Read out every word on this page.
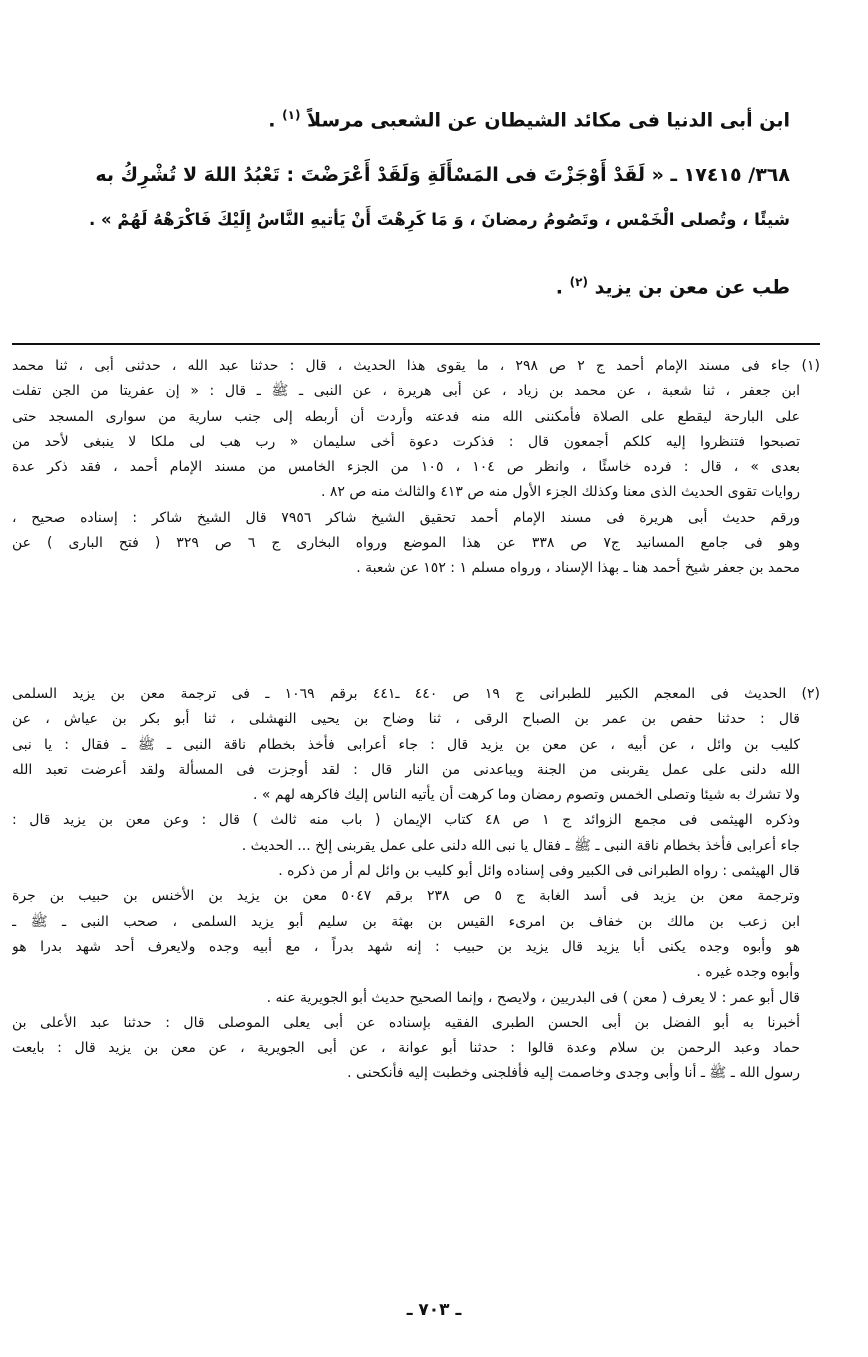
ابن أبى الدنيا فى مكائد الشيطان عن الشعبى مرسلاً $^{(١)}$ .
٣٦٨/ ١٧٤١٥ ـ « لَقَدْ أَوْجَزْتَ فى المَسْأَلَةِ وَلَقَدْ أَعْرَضْتَ : تَعْبُدُ اللهَ لا تُشْرِكُ به
شيئًا ، وتُصلى الْخَمْس ، وتَصُومُ رمضانَ ، وَ مَا كَرِهْتَ أَنْ يَأتيهِ النَّاسُ إِلَيْكَ فَاكْرَهْهُ لَهُمْ » .
طب عن معن بن يزيد $^{(٢)}$ .
(١) جاء فى مسند الإمام أحمد ج ٢ ص ٢٩٨ ، ما يقوى هذا الحديث ، قال : حدثنا عبد الله ، حدثنى أبى ، ثنا محمد
ابن جعفر ، ثنا شعبة ، عن محمد بن زياد ، عن أبى هريرة ، عن النبى ـ ﷺ ـ قال : « إن عفريتا من الجن تفلت
على البارحة ليقطع على الصلاة فأمكننى الله منه فدعته وأردت أن أربطه إلى جنب سارية من سوارى المسجد حتى
تصبحوا فتنظروا إليه كلكم أجمعون قال : فذكرت دعوة أخى سليمان « رب هب لى ملكا لا ينبغى لأحد من
بعدى » ، قال : فرده خاسئًا ، وانظر ص ١٠٤ ، ١٠٥ من الجزء الخامس من مسند الإمام أحمد ، فقد ذكر عدة
روايات تقوى الحديث الذى معنا وكذلك الجزء الأول منه ص ٤١٣ والثالث منه ص ٨٢ .
ورقم حديث أبى هريرة فى مسند الإمام أحمد تحقيق الشيخ شاكر ٧٩٥٦ قال الشيخ شاكر : إسناده صحيح ،
وهو فى جامع المسانيد ج٧ ص ٣٣٨ عن هذا الموضع ورواه البخارى ج ٦ ص ٣٢٩ ( فتح البارى ) عن
محمد بن جعفر شيخ أحمد هنا ـ بهذا الإسناد ، ورواه مسلم ١ : ١٥٢ عن شعبة .
(٢) الحديث فى المعجم الكبير للطبرانى ج ١٩ ص ٤٤٠ ـ٤٤١ برقم ١٠٦٩ ـ فى ترجمة معن بن يزيد السلمى
قال : حدثنا حفص بن عمر بن الصباح الرقى ، ثنا وضاح بن يحيى النهشلى ، ثنا أبو بكر بن عياش ، عن
كليب بن وائل ، عن أبيه ، عن معن بن يزيد قال : جاء أعرابى فأخذ بخطام ناقة النبى ـ ﷺ ـ فقال : يا نبى
الله دلنى على عمل يقربنى من الجنة ويباعدنى من النار قال : لقد أوجزت فى المسألة ولقد أعرضت تعبد الله
ولا تشرك به شيئا وتصلى الخمس وتصوم رمضان وما كرهت أن يأتيه الناس إليك فاكرهه لهم » .
وذكره الهيثمى فى مجمع الزوائد ج ١ ص ٤٨ كتاب الإيمان ( باب منه ثالث ) قال : وعن معن بن يزيد قال :
جاء أعرابى فأخذ بخطام ناقة النبى ـ ﷺ ـ فقال يا نبى الله دلنى على عمل يقربنى إلخ ... الحديث .
قال الهيثمى : رواه الطبرانى فى الكبير وفى إسناده وائل أبو كليب بن وائل لم أر من ذكره .
وترجمة معن بن يزيد فى أسد الغابة ج ٥ ص ٢٣٨ برقم ٥٠٤٧ معن بن يزيد بن الأخنس بن حبيب بن جرة
ابن زعب بن مالك بن خفاف بن امرىء القيس بن بهثة بن سليم أبو يزيد السلمى ، صحب النبى ـ ﷺ ـ
هو وأبوه وجده يكنى أبا يزيد قال يزيد بن حبيب : إنه شهد بدراً ، مع أبيه وجده ولايعرف أحد شهد بدرا هو
وأبوه وجده غيره .
قال أبو عمر : لا يعرف ( معن ) فى البدريين ، ولايصح ، وإنما الصحيح حديث أبو الجويرية عنه .
أخبرنا به أبو الفضل بن أبى الحسن الطبرى الفقيه بإسناده عن أبى يعلى الموصلى قال : حدثنا عبد الأعلى بن
حماد وعبد الرحمن بن سلام وعدة قالوا : حدثنا أبو عوانة ، عن أبى الجويرية ، عن معن بن يزيد قال : بايعت
رسول الله ـ ﷺ ـ أنا وأبى وجدى وخاصمت إليه فأفلجنى وخطبت إليه فأنكحنى .
ـ ٧٠٣ ـ
